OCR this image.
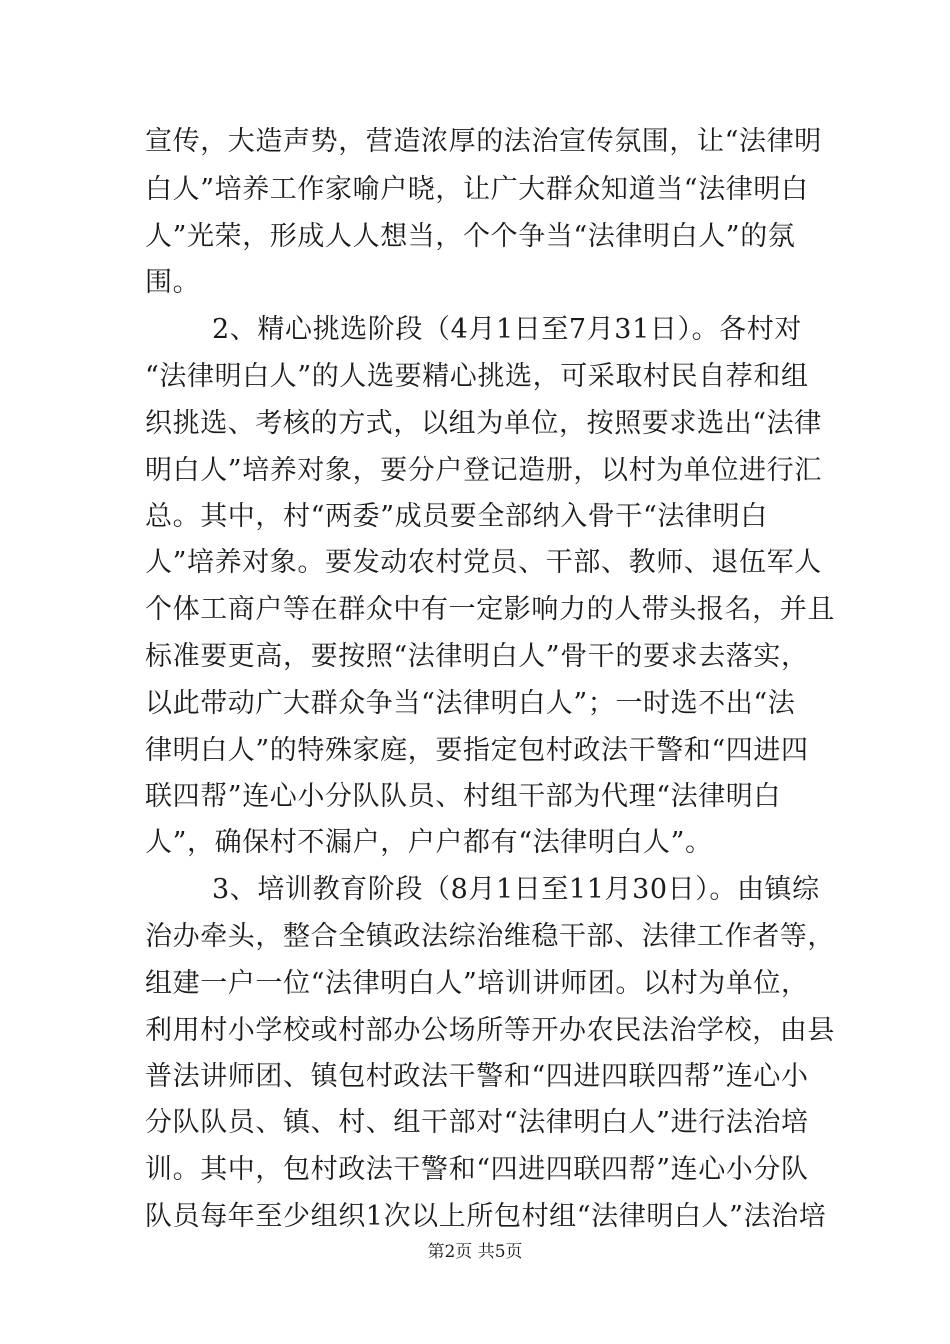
宣传，大造声势，营造浓厚的法治宣传氛围，让“法律明
白人”培养工作家喻户晓，让广大群众知道当“法律明白
人”光荣，形成人人想当，个个争当“法律明白人”的氛
围。
2、精心挑选阶段（4月1日至7月31日）。各村对
“法律明白人”的人选要精心挑选，可采取村民自荐和组
织挑选、考核的方式，以组为单位，按照要求选出“法律
明白人”培养对象，要分户登记造册，以村为单位进行汇
总。其中，村“两委”成员要全部纳入骨干“法律明白
人”培养对象。要发动农村党员、干部、教师、退伍军人
个体工商户等在群众中有一定影响力的人带头报名，并且
标准要更高，要按照“法律明白人”骨干的要求去落实，
以此带动广大群众争当“法律明白人”；一时选不出“法
律明白人”的特殊家庭，要指定包村政法干警和“四进四
联四帮”连心小分队队员、村组干部为代理“法律明白
人”，确保村不漏户，户户都有“法律明白人”。
3、培训教育阶段（8月1日至11月30日）。由镇综
治办牵头，整合全镇政法综治维稳干部、法律工作者等，
组建一户一位“法律明白人”培训讲师团。以村为单位，
利用村小学校或村部办公场所等开办农民法治学校，由县
普法讲师团、镇包村政法干警和“四进四联四帮”连心小
分队队员、镇、村、组干部对“法律明白人”进行法治培
训。其中，包村政法干警和“四进四联四帮”连心小分队
队员每年至少组织1次以上所包村组“法律明白人”法治培
第2页 共5页
